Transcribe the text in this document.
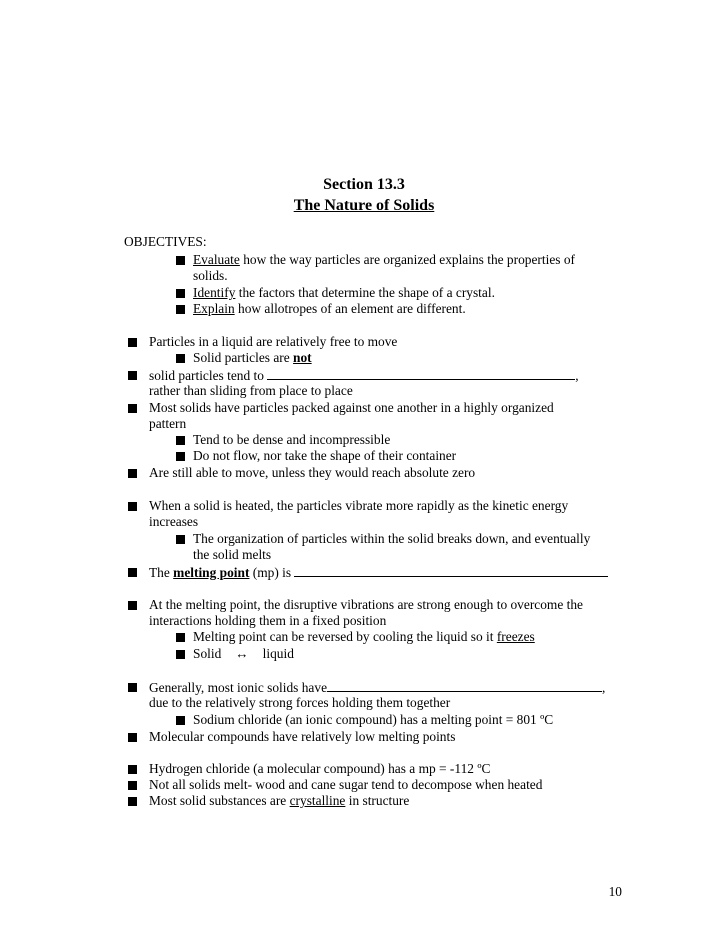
Section 13.3
The Nature of Solids
OBJECTIVES:
Evaluate how the way particles are organized explains the properties of
solids.
Identify the factors that determine the shape of a crystal.
Explain how allotropes of an element are different.
Particles in a liquid are relatively free to move
Solid particles are not
solid particles tend to	,
rather than sliding from place to place
Most solids have particles packed against one another in a highly organized
pattern
Tend to be dense and incompressible
Do not flow, nor take the shape of their container
Are still able to move, unless they would reach absolute zero
When a solid is heated, the particles vibrate more rapidly as the kinetic energy
increases
The organization of particles within the solid breaks down, and eventually
the solid melts
The melting point (mp) is
At the melting point, the disruptive vibrations are strong enough to overcome the
interactions holding them in a fixed position
Melting point can be reversed by cooling the liquid so it freezes
Solid ↔ liquid
Generally, most ionic solids have	,
due to the relatively strong forces holding them together
Sodium chloride (an ionic compound) has a melting point = 801 ºC
Molecular compounds have relatively low melting points
Hydrogen chloride (a molecular compound) has a mp = -112 ºC
Not all solids melt- wood and cane sugar tend to decompose when heated
Most solid substances are crystalline in structure
10
